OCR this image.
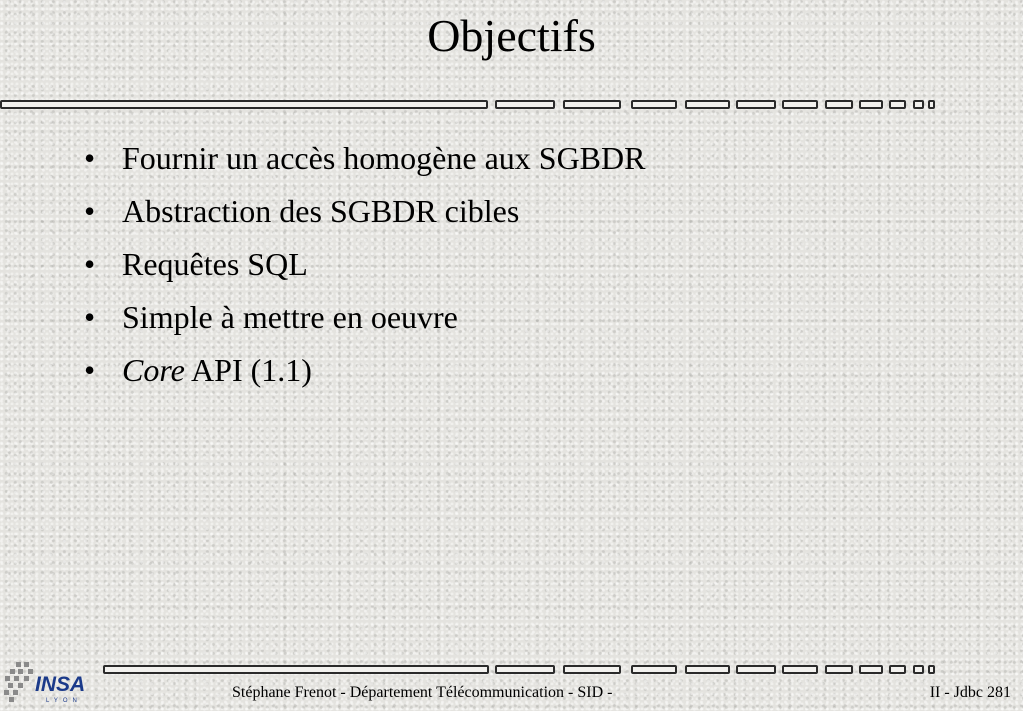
Objectifs
• Fournir un accès homogène aux SGBDR
• Abstraction des SGBDR cibles
• Requêtes SQL
• Simple à mettre en oeuvre
• Core API (1.1)
INSA
LYON	Stéphane Frenot - Département Télécommunication - SID -	II - Jdbc 281
